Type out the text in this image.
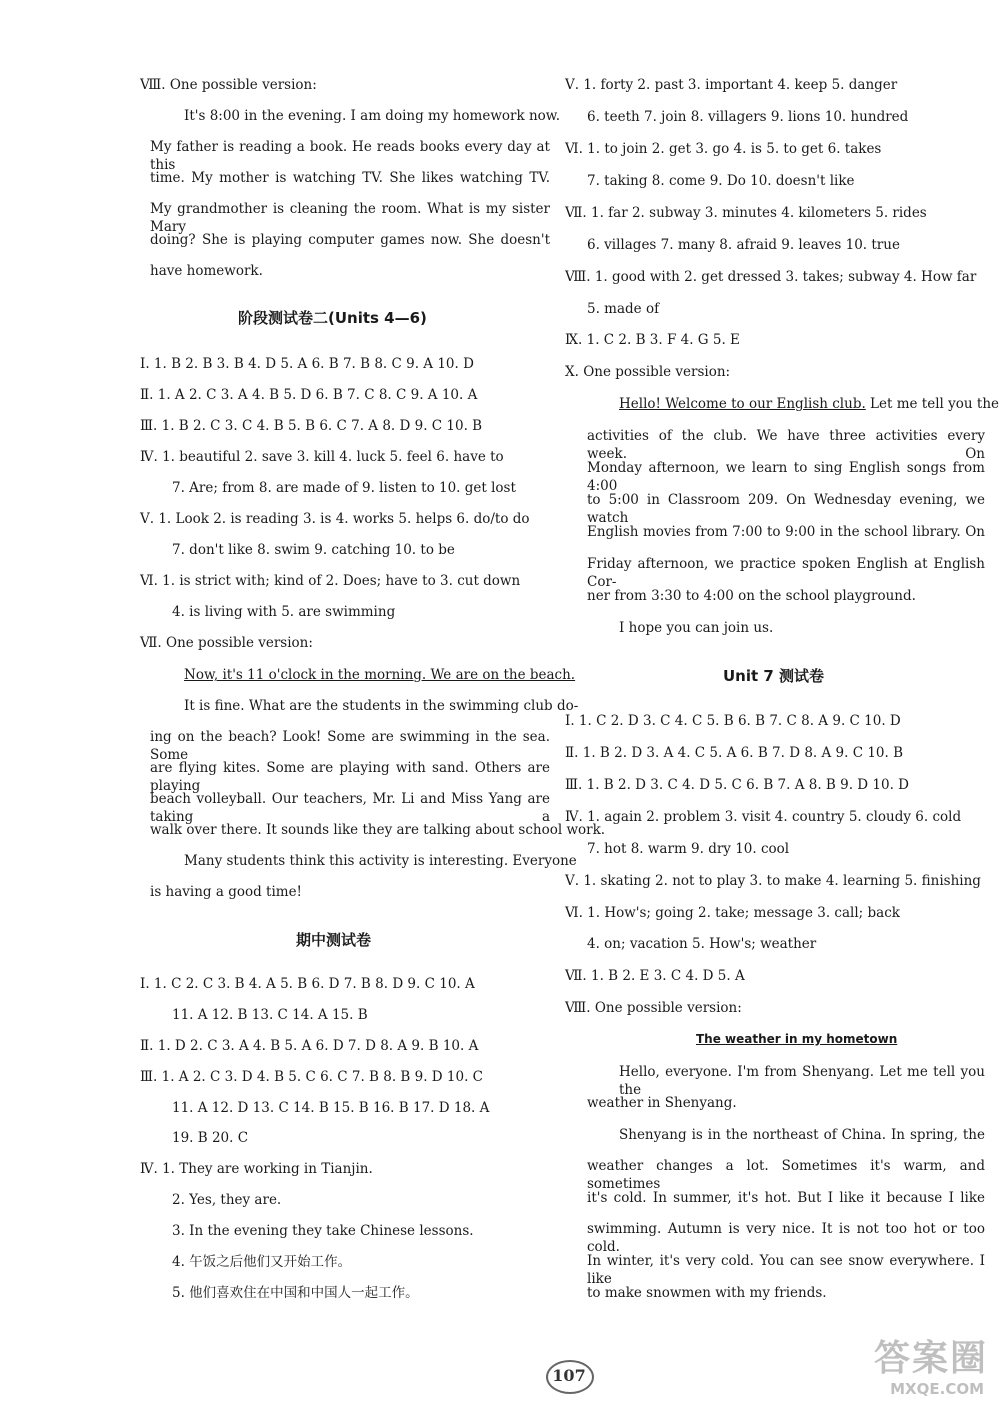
Ⅷ. One possible version:
It's 8:00 in the evening. I am doing my homework now.
My father is reading a book. He reads books every day at this
time. My mother is watching TV. She likes watching TV.
My grandmother is cleaning the room. What is my sister Mary
doing? She is playing computer games now. She doesn't
have homework.
阶段测试卷二(Units 4—6)
Ⅰ. 1. B 2. B 3. B 4. D 5. A 6. B 7. B 8. C 9. A 10. D
Ⅱ. 1. A 2. C 3. A 4. B 5. D 6. B 7. C 8. C 9. A 10. A
Ⅲ. 1. B 2. C 3. C 4. B 5. B 6. C 7. A 8. D 9. C 10. B
Ⅳ. 1. beautiful 2. save 3. kill 4. luck 5. feel 6. have to
7. Are; from 8. are made of 9. listen to 10. get lost
Ⅴ. 1. Look 2. is reading 3. is 4. works 5. helps 6. do/to do
7. don't like 8. swim 9. catching 10. to be
Ⅵ. 1. is strict with; kind of 2. Does; have to 3. cut down
4. is living with 5. are swimming
Ⅶ. One possible version:
Now, it's 11 o'clock in the morning. We are on the beach.
It is fine. What are the students in the swimming club do-
ing on the beach? Look! Some are swimming in the sea. Some
are flying kites. Some are playing with sand. Others are playing
beach volleyball. Our teachers, Mr. Li and Miss Yang are taking a
walk over there. It sounds like they are talking about school work.
Many students think this activity is interesting. Everyone
is having a good time!
期中测试卷
Ⅰ. 1. C 2. C 3. B 4. A 5. B 6. D 7. B 8. D 9. C 10. A
11. A 12. B 13. C 14. A 15. B
Ⅱ. 1. D 2. C 3. A 4. B 5. A 6. D 7. D 8. A 9. B 10. A
Ⅲ. 1. A 2. C 3. D 4. B 5. C 6. C 7. B 8. B 9. D 10. C
11. A 12. D 13. C 14. B 15. B 16. B 17. D 18. A
19. B 20. C
Ⅳ. 1. They are working in Tianjin.
2. Yes, they are.
3. In the evening they take Chinese lessons.
4. 午饭之后他们又开始工作。
5. 他们喜欢住在中国和中国人一起工作。
Ⅴ. 1. forty 2. past 3. important 4. keep 5. danger
6. teeth 7. join 8. villagers 9. lions 10. hundred
Ⅵ. 1. to join 2. get 3. go 4. is 5. to get 6. takes
7. taking 8. come 9. Do 10. doesn't like
Ⅶ. 1. far 2. subway 3. minutes 4. kilometers 5. rides
6. villages 7. many 8. afraid 9. leaves 10. true
Ⅷ. 1. good with 2. get dressed 3. takes; subway 4. How far
5. made of
Ⅸ. 1. C 2. B 3. F 4. G 5. E
Ⅹ. One possible version:
Hello! Welcome to our English club. Let me tell you the
activities of the club. We have three activities every week. On
Monday afternoon, we learn to sing English songs from 4:00
to 5:00 in Classroom 209. On Wednesday evening, we watch
English movies from 7:00 to 9:00 in the school library. On
Friday afternoon, we practice spoken English at English Cor-
ner from 3:30 to 4:00 on the school playground.
I hope you can join us.
Unit 7 测试卷
Ⅰ. 1. C 2. D 3. C 4. C 5. B 6. B 7. C 8. A 9. C 10. D
Ⅱ. 1. B 2. D 3. A 4. C 5. A 6. B 7. D 8. A 9. C 10. B
Ⅲ. 1. B 2. D 3. C 4. D 5. C 6. B 7. A 8. B 9. D 10. D
Ⅳ. 1. again 2. problem 3. visit 4. country 5. cloudy 6. cold
7. hot 8. warm 9. dry 10. cool
Ⅴ. 1. skating 2. not to play 3. to make 4. learning 5. finishing
Ⅵ. 1. How's; going 2. take; message 3. call; back
4. on; vacation 5. How's; weather
Ⅶ. 1. B 2. E 3. C 4. D 5. A
Ⅷ. One possible version:
The weather in my hometown
Hello, everyone. I'm from Shenyang. Let me tell you the
weather in Shenyang.
Shenyang is in the northeast of China. In spring, the
weather changes a lot. Sometimes it's warm, and sometimes
it's cold. In summer, it's hot. But I like it because I like
swimming. Autumn is very nice. It is not too hot or too cold.
In winter, it's very cold. You can see snow everywhere. I like
to make snowmen with my friends.
107	答案圈
MXQE.COM
